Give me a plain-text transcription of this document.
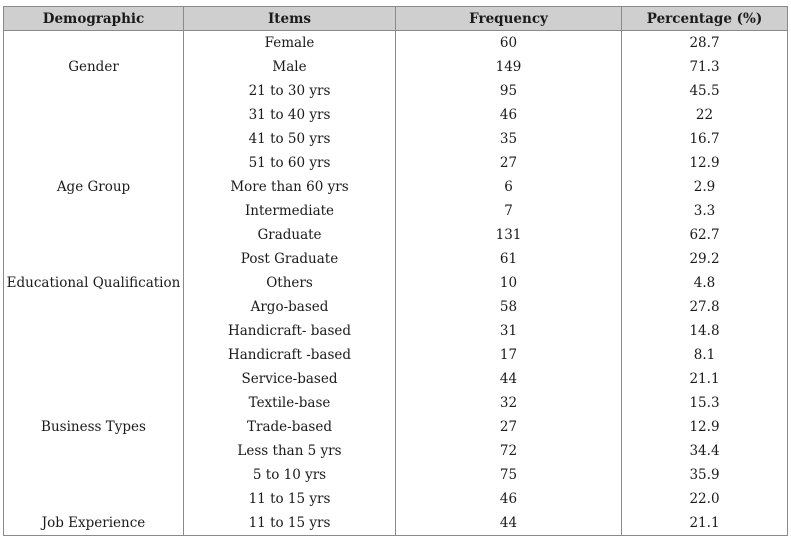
Demographic	Items	Frequency	Percentage (%)
	Female	60	28.7
Gender	Male	149	71.3
	21 to 30 yrs	95	45.5
	31 to 40 yrs	46	22
	41 to 50 yrs	35	16.7
	51 to 60 yrs	27	12.9
Age Group	More than 60 yrs	6	2.9
	Intermediate	7	3.3
	Graduate	131	62.7
	Post Graduate	61	29.2
Educational Qualification	Others	10	4.8
	Argo-based	58	27.8
	Handicraft- based	31	14.8
	Handicraft -based	17	8.1
	Service-based	44	21.1
	Textile-base	32	15.3
Business Types	Trade-based	27	12.9
	Less than 5 yrs	72	34.4
	5 to 10 yrs	75	35.9
	11 to 15 yrs	46	22.0
Job Experience	11 to 15 yrs	44	21.1
